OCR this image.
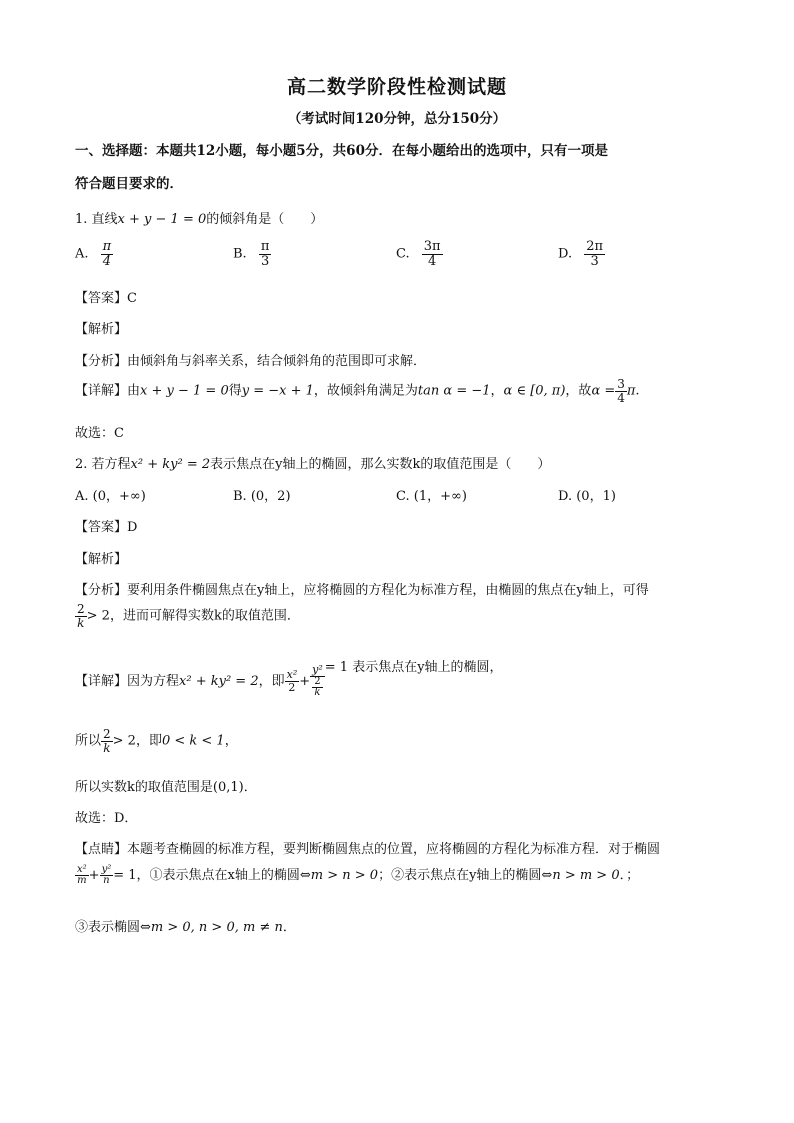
高二数学阶段性检测试题
（考试时间120分钟，总分150分）
一、选择题：本题共12小题，每小题5分，共60分．在每小题给出的选项中，只有一项是
符合题目要求的．
1. 直线x + y − 1 = 0的倾斜角是（　　）
A. $\frac{\pi}{4}$	B. $\frac{\pi}{3}$	C. $\frac{3\pi}{4}$	D. $\frac{2\pi}{3}$
【答案】C
【解析】
【分析】由倾斜角与斜率关系，结合倾斜角的范围即可求解．
【详解】由x + y − 1 = 0得y = −x + 1，故倾斜角满足为tan α = −1，α ∈ [0, π)，故$\alpha = \frac{3}{4} \pi$.
故选：C
2. 若方程x² + ky² = 2表示焦点在y轴上的椭圆，那么实数k的取值范围是（　　）
A. (0，+∞)	B. (0，2)	C. (1，+∞)	D. (0，1)
【答案】D
【解析】
【分析】要利用条件椭圆焦点在y轴上，应将椭圆的方程化为标准方程，由椭圆的焦点在y轴上，可得
$\frac{2}{k} > 2$，进而可解得实数k的取值范围．
【详解】因为方程x² + ky² = 2，即 $\frac{\text{x²}}{2} + y^2$
2
k = 1 表示焦点在y轴上的椭圆，
所以 $\frac{2}{k} > 2$，即0 < k < 1，
所以实数k的取值范围是(0,1)．
故选：D．
【点睛】本题考查椭圆的标准方程，要判断椭圆焦点的位置，应将椭圆的方程化为标准方程．对于椭圆
$\frac{\text{x²}}{m} + \frac{\text{y²}}{n} = 1$，①表示焦点在x轴上的椭圆⇔m > n > 0；②表示焦点在y轴上的椭圆⇔n > m > 0．；
③表示椭圆⇔m > 0, n > 0, m ≠ n．
